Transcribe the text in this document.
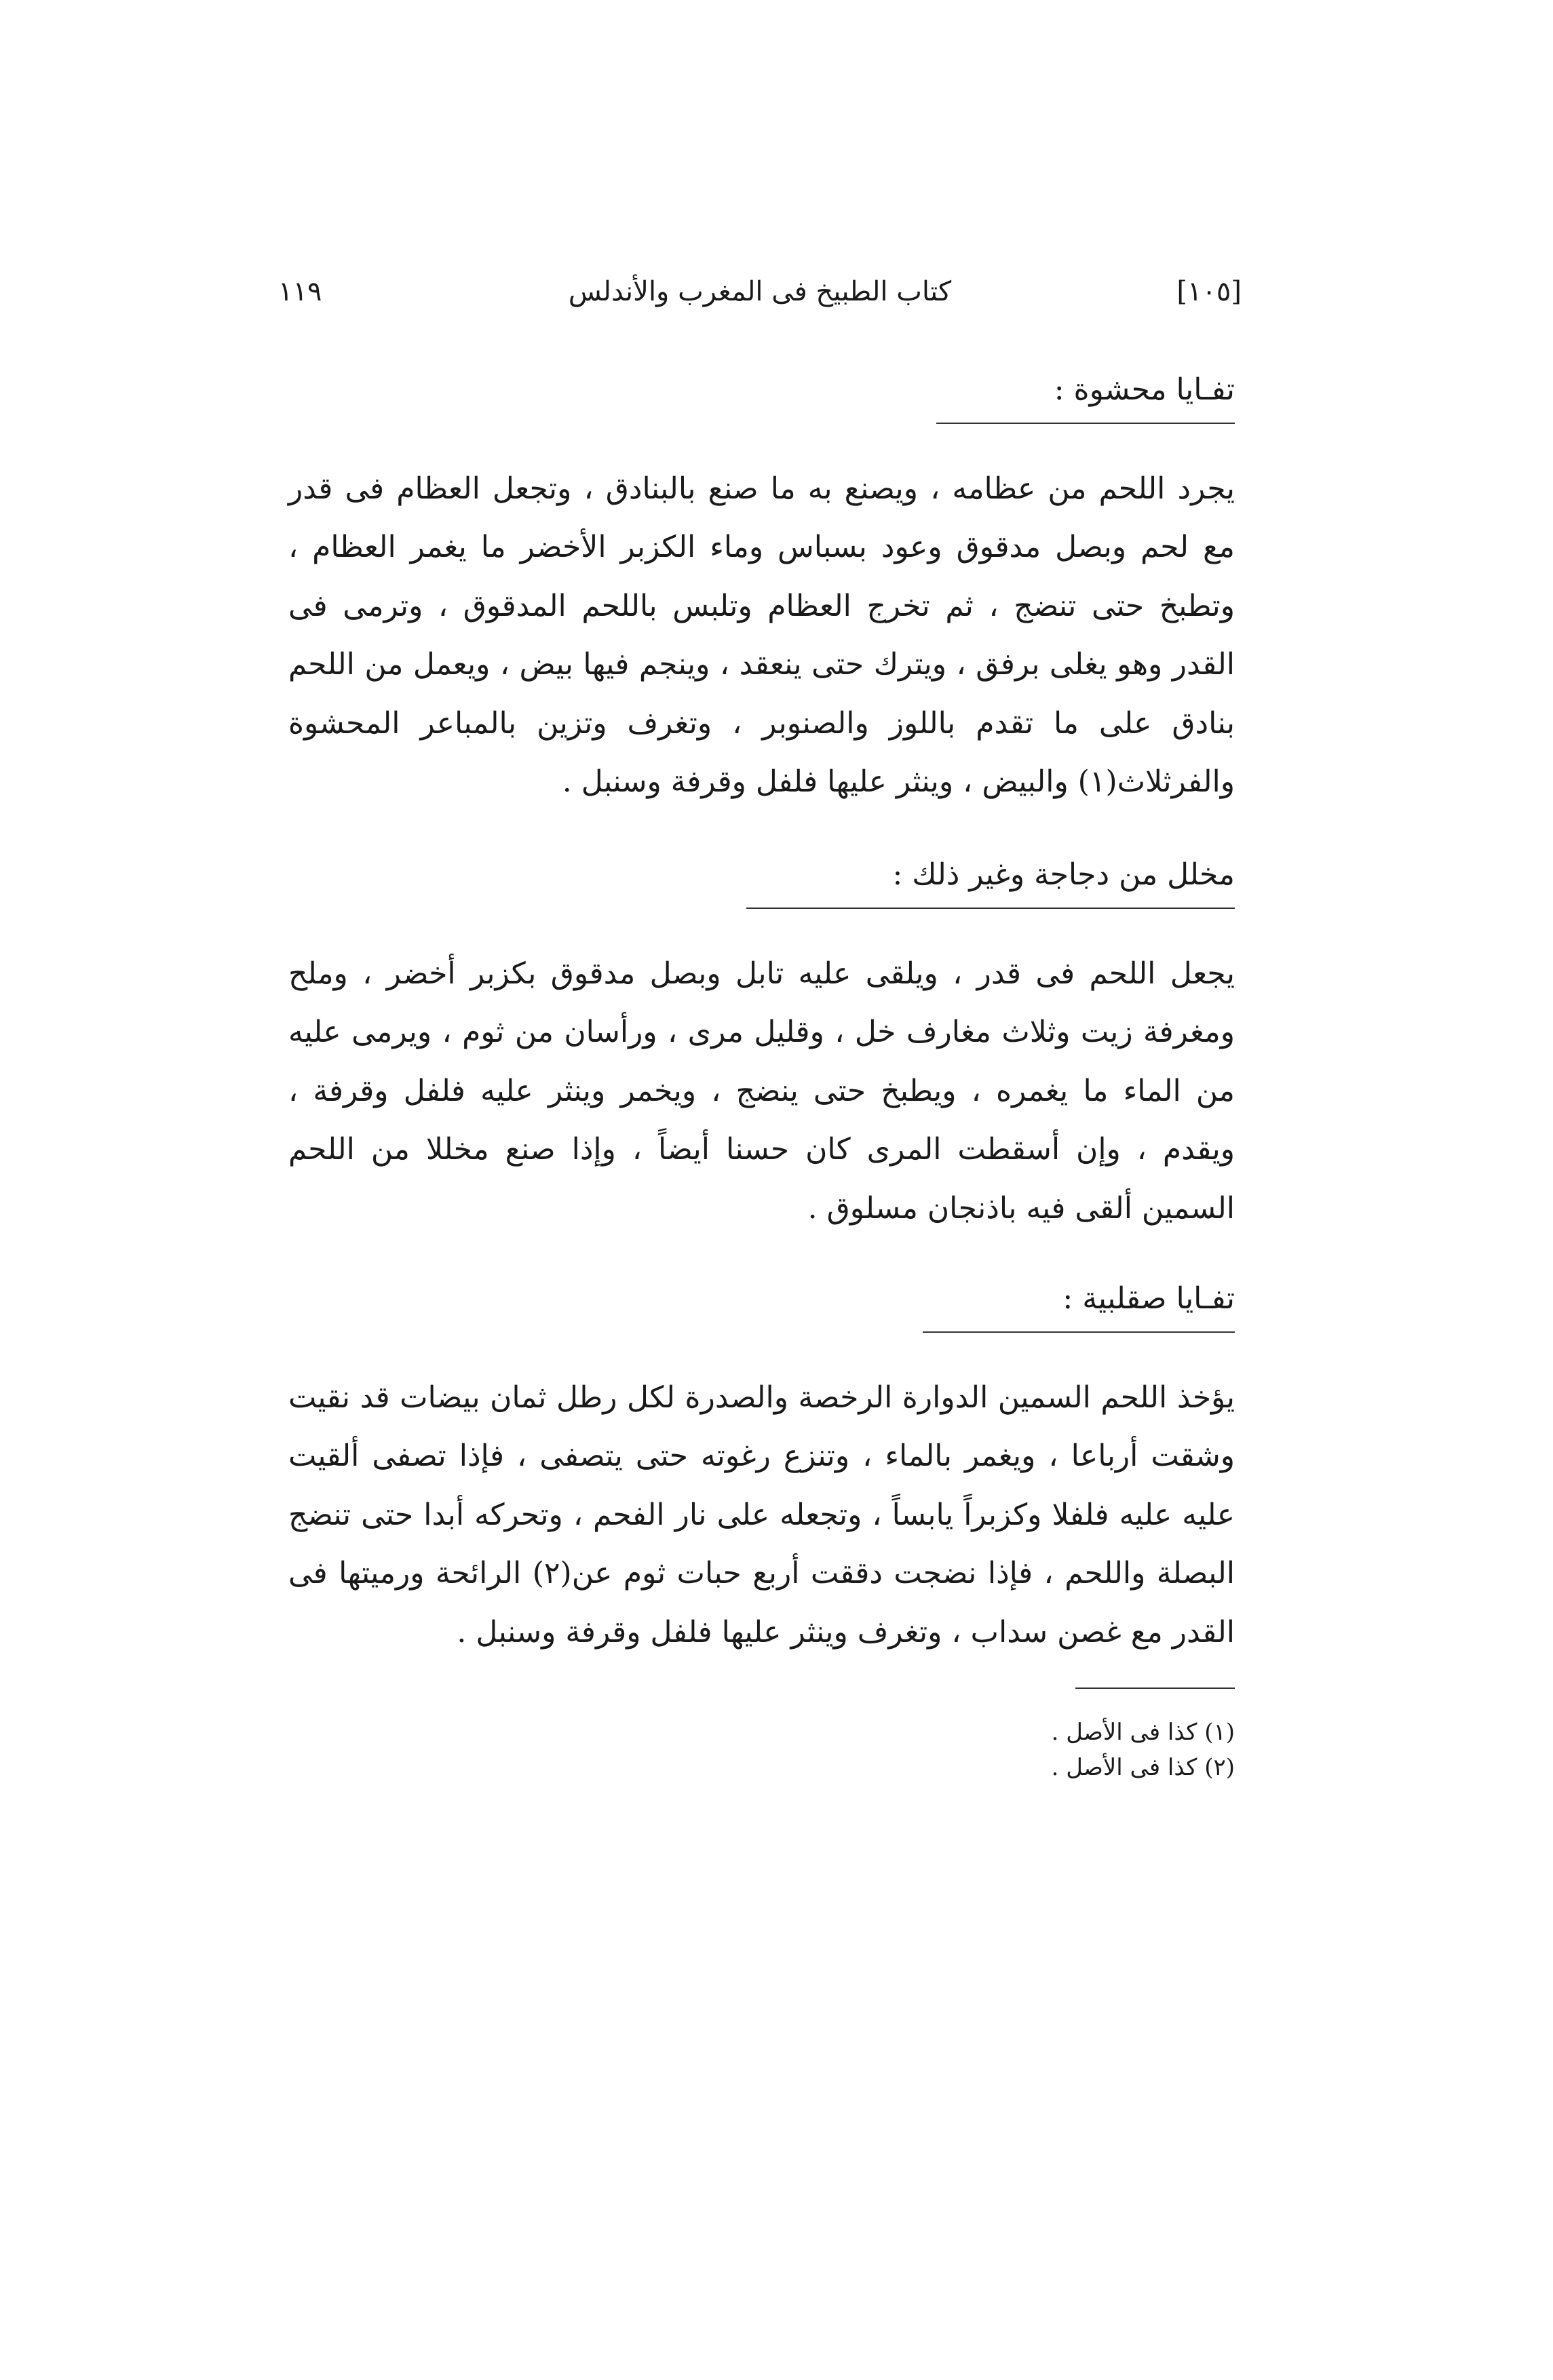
١١٩	كتاب الطبيخ فى المغرب والأندلس	[١٠٥]
تفـايا محشوة :

يجرد اللحم من عظامه ، ويصنع به ما صنع بالبنادق ، وتجعل العظام فى قدر مع لحم وبصل مدقوق وعود بسباس وماء الكزبر الأخضر ما يغمر العظام ، وتطبخ حتى تنضج ، ثم تخرج العظام وتلبس باللحم المدقوق ، وترمى فى القدر وهو يغلى برفق ، ويترك حتى ينعقد ، وينجم فيها بيض ، ويعمل من اللحم بنادق على ما تقدم باللوز والصنوبر ، وتغرف وتزين بالمباعر المحشوة والفرثلاث(١) والبيض ، وينثر عليها فلفل وقرفة وسنبل .

مخلل من دجاجة وغير ذلك :

يجعل اللحم فى قدر ، ويلقى عليه تابل وبصل مدقوق بكزبر أخضر ، وملح ومغرفة زيت وثلاث مغارف خل ، وقليل مرى ، ورأسان من ثوم ، ويرمى عليه من الماء ما يغمره ، ويطبخ حتى ينضج ، ويخمر وينثر عليه فلفل وقرفة ، ويقدم ، وإن أسقطت المرى كان حسنا أيضاً ، وإذا صنع مخللا من اللحم السمين ألقى فيه باذنجان مسلوق .

تفـايا صقلبية :

يؤخذ اللحم السمين الدوارة الرخصة والصدرة لكل رطل ثمان بيضات قد نقيت وشقت أرباعا ، ويغمر بالماء ، وتنزع رغوته حتى يتصفى ، فإذا تصفى ألقيت عليه عليه فلفلا وكزبراً يابساً ، وتجعله على نار الفحم ، وتحركه أبدا حتى تنضج البصلة واللحم ، فإذا نضجت دققت أربع حبات ثوم عن(٢) الرائحة ورميتها فى القدر مع غصن سداب ، وتغرف وينثر عليها فلفل وقرفة وسنبل .

(١) كذا فى الأصل .
(٢) كذا فى الأصل .
